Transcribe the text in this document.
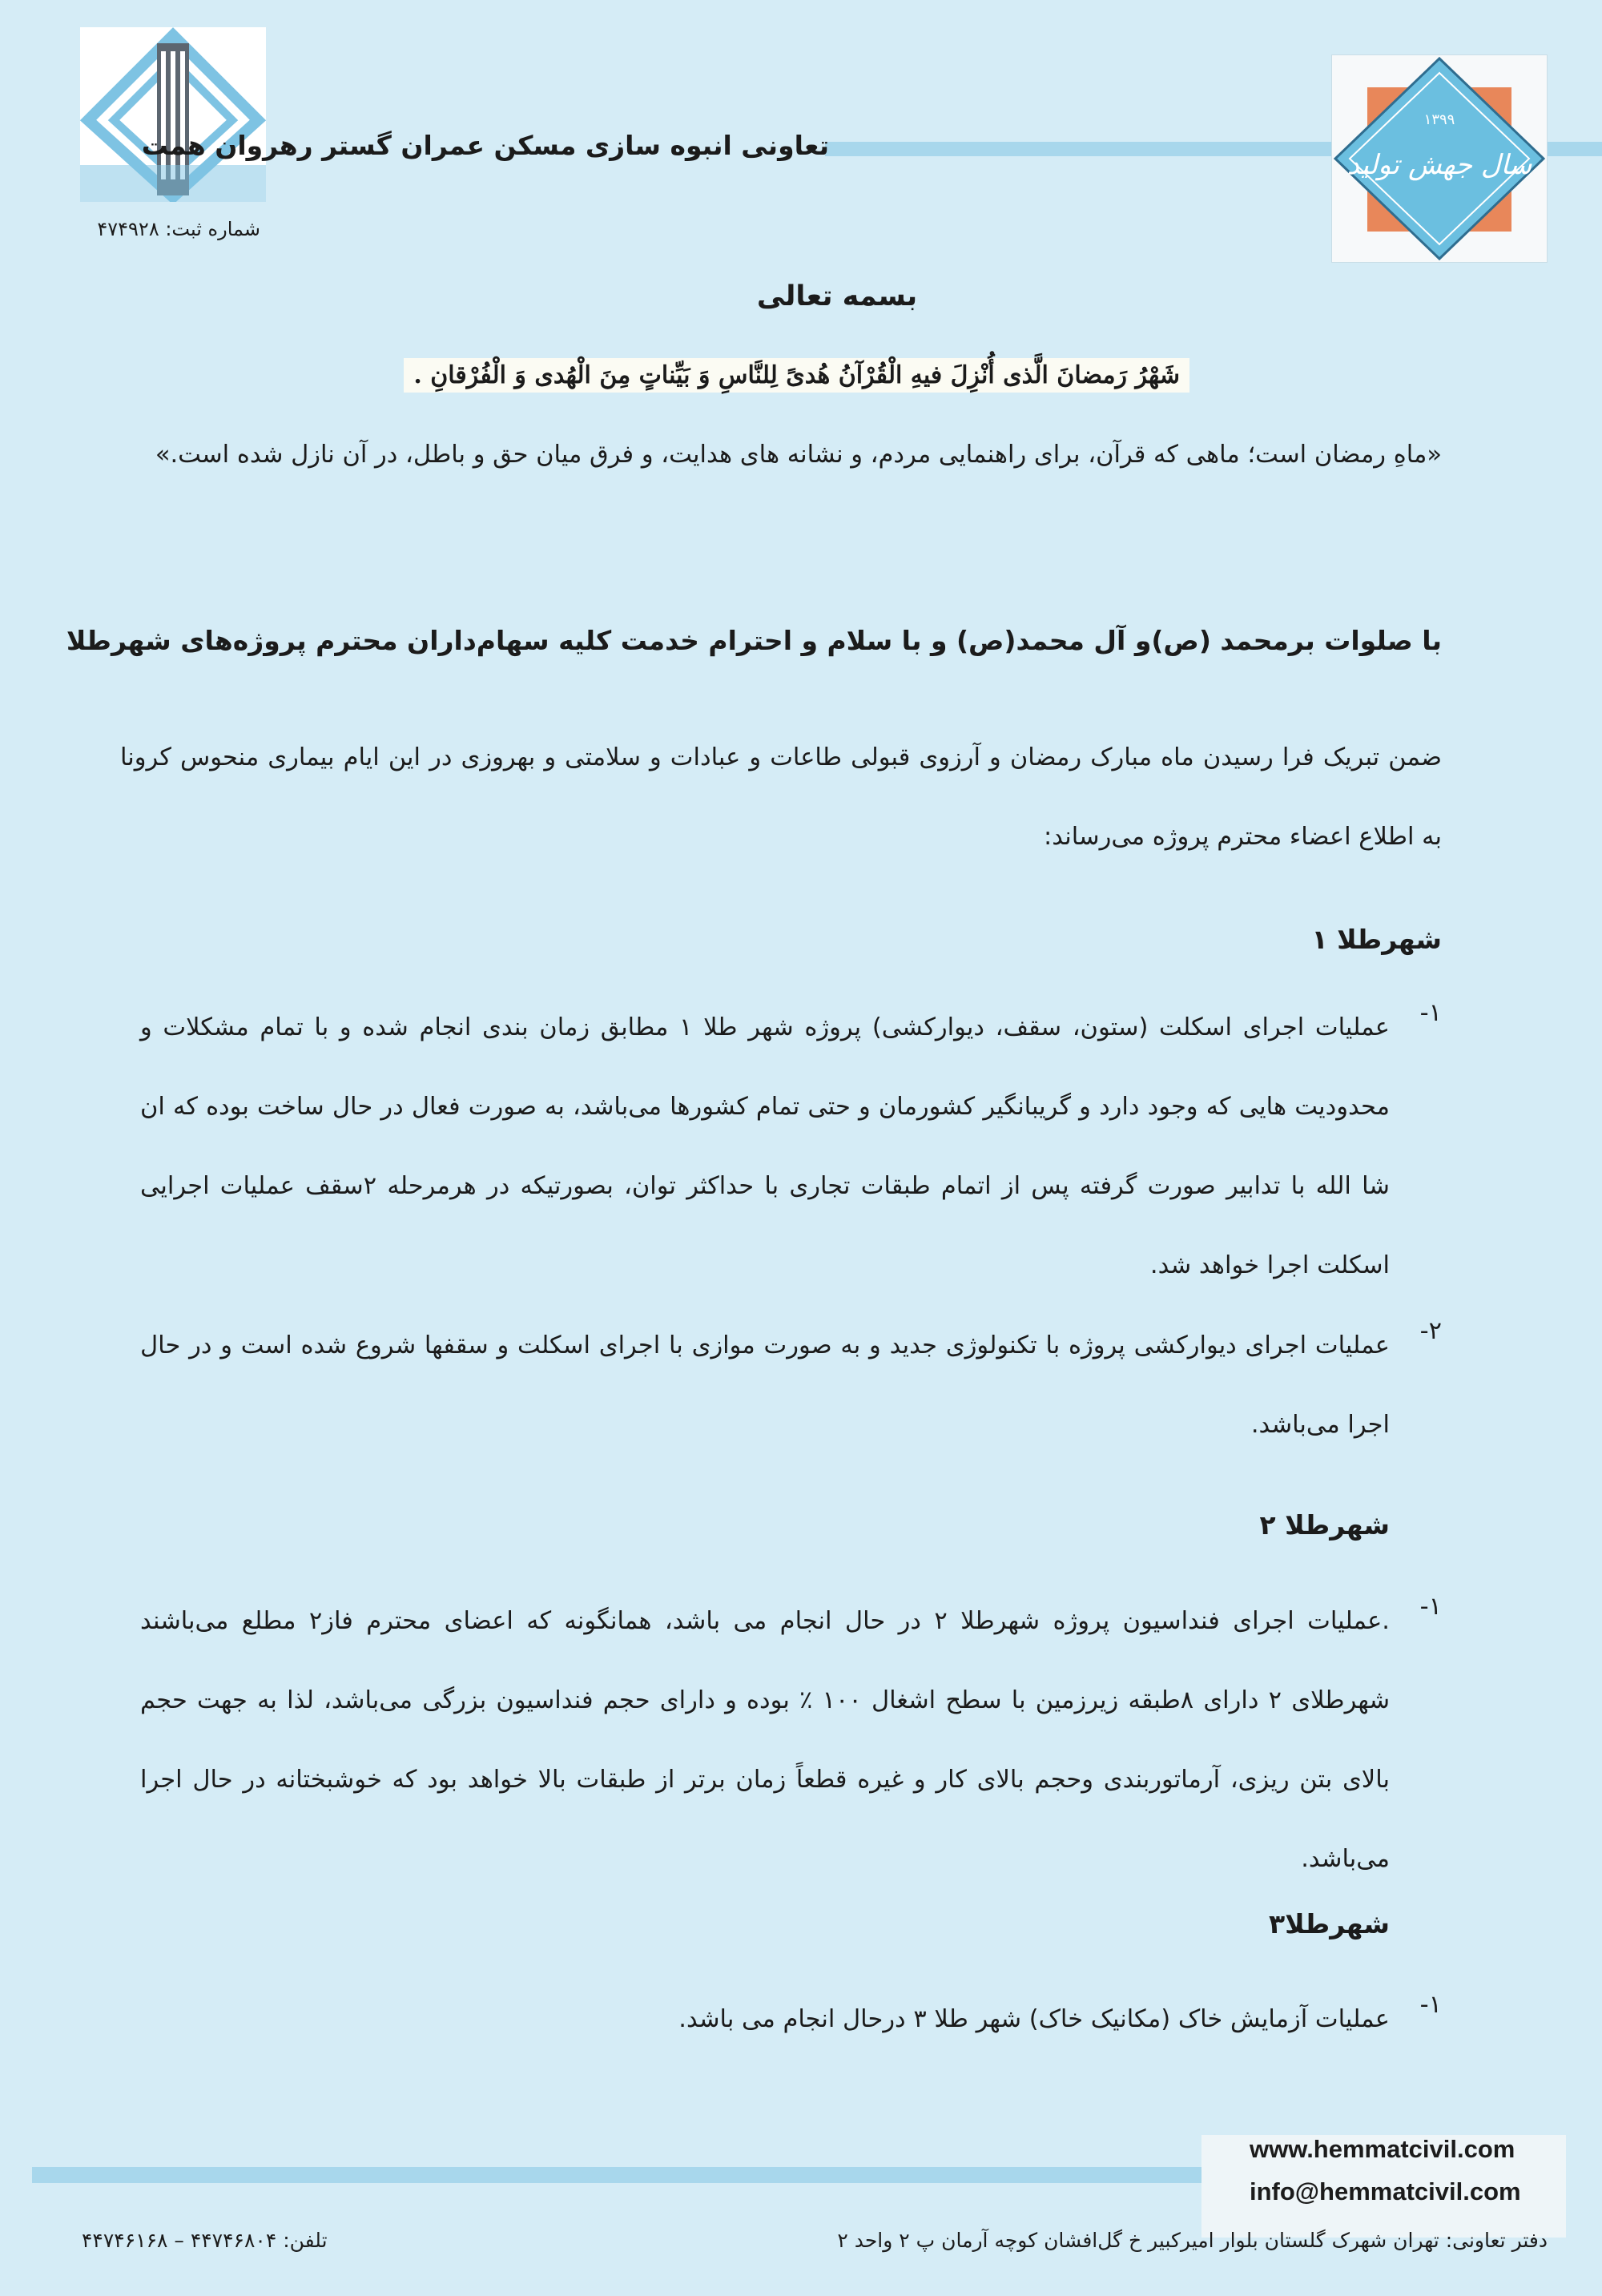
۱۳۹۹
سال جهش تولید
تعاونی انبوه سازی مسکن عمران گستر رهروان همت
شماره ثبت: ۴۷۴۹۲۸
بسمه تعالی
شَهْرُ رَمضانَ الَّذی أُنْزِلَ فیهِ الْقُرْآنُ هُدیً لِلنَّاسِ وَ بَیِّناتٍ مِنَ الْهُدی وَ الْفُرْقانِ .
«ماهِ رمضان است؛ ماهی که قرآن، برای راهنمایی مردم، و نشانه های هدایت، و فرق میان حق و باطل، در آن نازل شده است.»
با صلوات برمحمد (ص)و آل محمد(ص) و با سلام و احترام خدمت کلیه سهام‌داران محترم پروژه‌های شهرطلا
ضمن تبریک فرا رسیدن ماه مبارک رمضان و آرزوی قبولی طاعات و عبادات و سلامتی و بهروزی در این ایام بیماری منحوس کرونا به اطلاع اعضاء محترم پروژه می‌رساند:
شهرطلا ۱
۱-
عملیات اجرای اسکلت (ستون، سقف، دیوارکشی) پروژه شهر طلا ۱ مطابق زمان بندی انجام شده و با تمام مشکلات و محدودیت هایی که وجود دارد و گریبانگیر کشورمان و حتی تمام کشورها می‌باشد، به صورت فعال در حال ساخت بوده که ان شا الله با تدابیر صورت گرفته پس از اتمام طبقات تجاری با حداکثر توان، بصورتیکه در هرمرحله ۲سقف عملیات اجرایی اسکلت اجرا خواهد شد.
۲-
عملیات اجرای دیوارکشی پروژه با تکنولوژی جدید و به صورت موازی با اجرای اسکلت و سقفها شروع شده است و در حال اجرا می‌باشد.
شهرطلا ۲
۱-
.عملیات اجرای فنداسیون پروژه شهرطلا ۲ در حال انجام می باشد، همانگونه که اعضای محترم فاز۲ مطلع می‌باشند شهرطلای ۲ دارای ۸طبقه زیرزمین با سطح اشغال ۱۰۰ ٪ بوده و دارای حجم فنداسیون بزرگی می‌باشد، لذا به جهت حجم بالای بتن ریزی، آرماتوربندی وحجم بالای کار و غیره قطعاً زمان برتر از طبقات بالا خواهد بود که خوشبختانه در حال اجرا می‌باشد.
شهرطلا۳
۱-
عملیات آزمایش خاک (مکانیک خاک) شهر طلا ۳ درحال انجام می باشد.
www.hemmatcivil.com
info@hemmatcivil.com
دفتر تعاونی: تهران شهرک گلستان بلوار امیرکبیر خ گل‌افشان کوچه آرمان پ ۲ واحد ۲
تلفن: ۴۴۷۴۶۸۰۴ – ۴۴۷۴۶۱۶۸
